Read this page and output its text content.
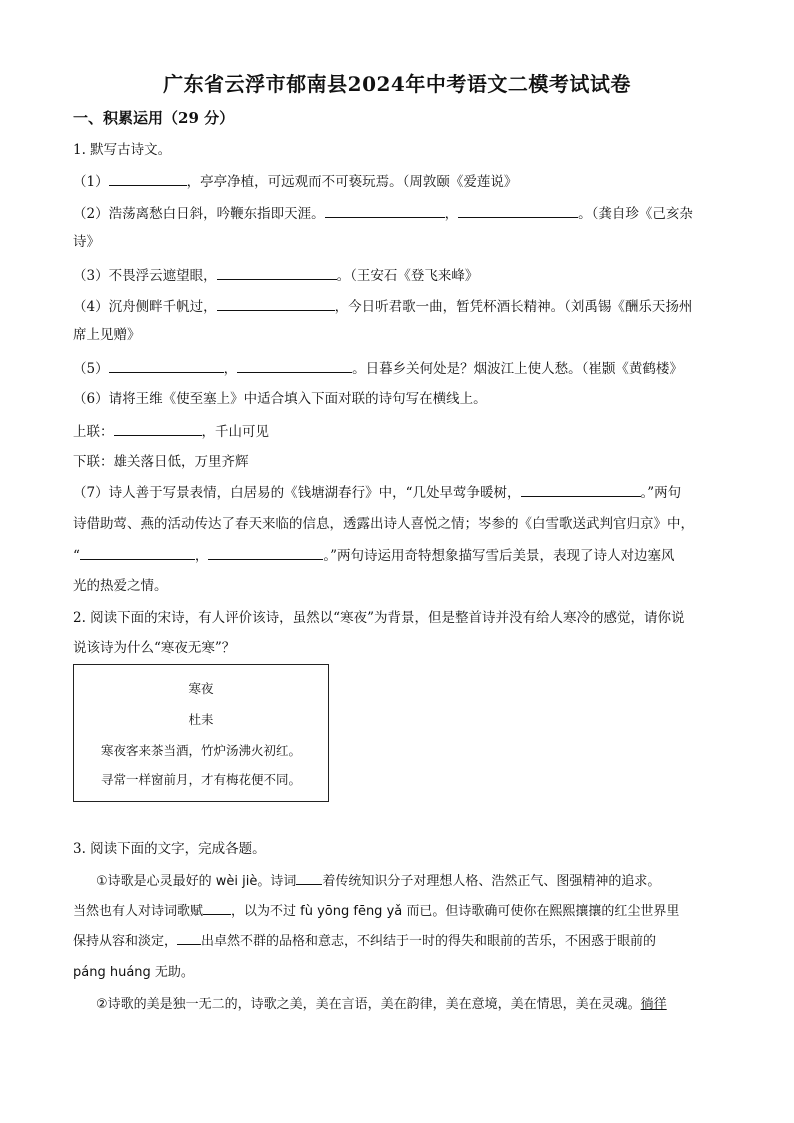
广东省云浮市郁南县2024年中考语文二模考试试卷
一、积累运用（29 分）
1. 默写古诗文。
（1）	，亭亭净植，可远观而不可亵玩焉。（周敦颐《爱莲说》
（2）浩荡离愁白日斜，吟鞭东指即天涯。	，	。（龚自珍《己亥杂
诗》
（3）不畏浮云遮望眼，	。（王安石《登飞来峰》
（4）沉舟侧畔千帆过，	，今日听君歌一曲，暂凭杯酒长精神。（刘禹锡《酬乐天扬州
席上见赠》
（5）	，	。日暮乡关何处是？烟波江上使人愁。（崔颢《黄鹤楼》
（6）请将王维《使至塞上》中适合填入下面对联的诗句写在横线上。
上联：	，千山可见
下联：雄关落日低，万里齐辉
（7）诗人善于写景表情，白居易的《钱塘湖春行》中，“几处早莺争暖树，	。”两句
诗借助莺、燕的活动传达了春天来临的信息，透露出诗人喜悦之情；岑参的《白雪歌送武判官归京》中，
“	，	。”两句诗运用奇特想象描写雪后美景，表现了诗人对边塞风
光的热爱之情。
2. 阅读下面的宋诗，有人评价该诗，虽然以“寒夜”为背景，但是整首诗并没有给人寒冷的感觉，请你说
说该诗为什么“寒夜无寒”？
寒夜
杜耒
寒夜客来茶当酒，竹炉汤沸火初红。
寻常一样窗前月，才有梅花便不同。
3. 阅读下面的文字，完成各题。
①诗歌是心灵最好的 wèi jiè。诗词 着传统知识分子对理想人格、浩然正气、图强精神的追求。
当然也有人对诗词歌赋 ，以为不过 fù yōng fēng yǎ 而已。但诗歌确可使你在熙熙攘攘的红尘世界里
保持从容和淡定， 出卓然不群的品格和意志，不纠结于一时的得失和眼前的苦乐，不困惑于眼前的
páng huáng 无助。
②诗歌的美是独一无二的，诗歌之美，美在言语，美在韵律，美在意境，美在情思，美在灵魂。徜徉
